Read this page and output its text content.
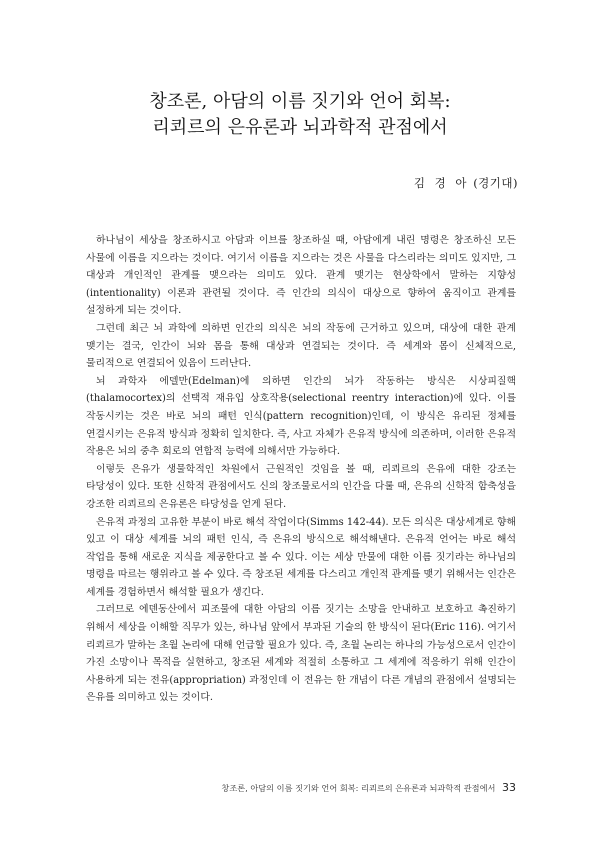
창조론, 아담의 이름 짓기와 언어 회복:
리쾨르의 은유론과 뇌과학적 관점에서
김 경 아 (경기대)

하나님이 세상을 창조하시고 아담과 이브를 창조하실 때, 아담에게 내린 명령은 창조하신 모든 사물에 이름을 지으라는 것이다. 여기서 이름을 지으라는 것은 사물을 다스리라는 의미도 있지만, 그 대상과 개인적인 관계를 맺으라는 의미도 있다. 관계 맺기는 현상학에서 말하는 지향성(intentionality) 이론과 관련될 것이다. 즉 인간의 의식이 대상으로 향하여 움직이고 관계를 설정하게 되는 것이다.

그런데 최근 뇌 과학에 의하면 인간의 의식은 뇌의 작동에 근거하고 있으며, 대상에 대한 관계 맺기는 결국, 인간이 뇌와 몸을 통해 대상과 연결되는 것이다. 즉 세계와 몸이 신체적으로, 물리적으로 연결되어 있음이 드러난다.

뇌 과학자 에델만(Edelman)에 의하면 인간의 뇌가 작동하는 방식은 시상피질핵(thalamocortex)의 선택적 재유입 상호작용(selectional reentry interaction)에 있다. 이를 작동시키는 것은 바로 뇌의 패턴 인식(pattern recognition)인데, 이 방식은 유리된 정체를 연결시키는 은유적 방식과 정확히 일치한다. 즉, 사고 자체가 은유적 방식에 의존하며, 이러한 은유적 작용은 뇌의 중추 회로의 연합적 능력에 의해서만 가능하다.

이렇듯 은유가 생물학적인 차원에서 근원적인 것임을 볼 때, 리쾨르의 은유에 대한 강조는 타당성이 있다. 또한 신학적 관점에서도 신의 창조물로서의 인간을 다룰 때, 은유의 신학적 함축성을 강조한 리쾨르의 은유론은 타당성을 얻게 된다.

은유적 과정의 고유한 부분이 바로 해석 작업이다(Simms 142-44). 모든 의식은 대상세계로 향해 있고 이 대상 세계를 뇌의 패턴 인식, 즉 은유의 방식으로 해석해낸다. 은유적 언어는 바로 해석 작업을 통해 새로운 지식을 제공한다고 볼 수 있다. 이는 세상 만물에 대한 이름 짓기라는 하나님의 명령을 따르는 행위라고 볼 수 있다. 즉 창조된 세계를 다스리고 개인적 관계를 맺기 위해서는 인간은 세계를 경험하면서 해석할 필요가 생긴다.

그러므로 에덴동산에서 피조물에 대한 아담의 이름 짓기는 소망을 안내하고 보호하고 촉진하기 위해서 세상을 이해할 직무가 있는, 하나님 앞에서 부과된 기술의 한 방식이 된다(Eric 116). 여기서 리쾨르가 말하는 초월 논리에 대해 언급할 필요가 있다. 즉, 초월 논리는 하나의 가능성으로서 인간이 가진 소망이나 목적을 실현하고, 창조된 세계와 적절히 소통하고 그 세계에 적응하기 위해 인간이 사용하게 되는 전유(appropriation) 과정인데 이 전유는 한 개념이 다른 개념의 관점에서 설명되는 은유를 의미하고 있는 것이다.

창조론, 아담의 이름 짓기와 언어 회복: 리쾨르의 은유론과 뇌과학적 관점에서 33
